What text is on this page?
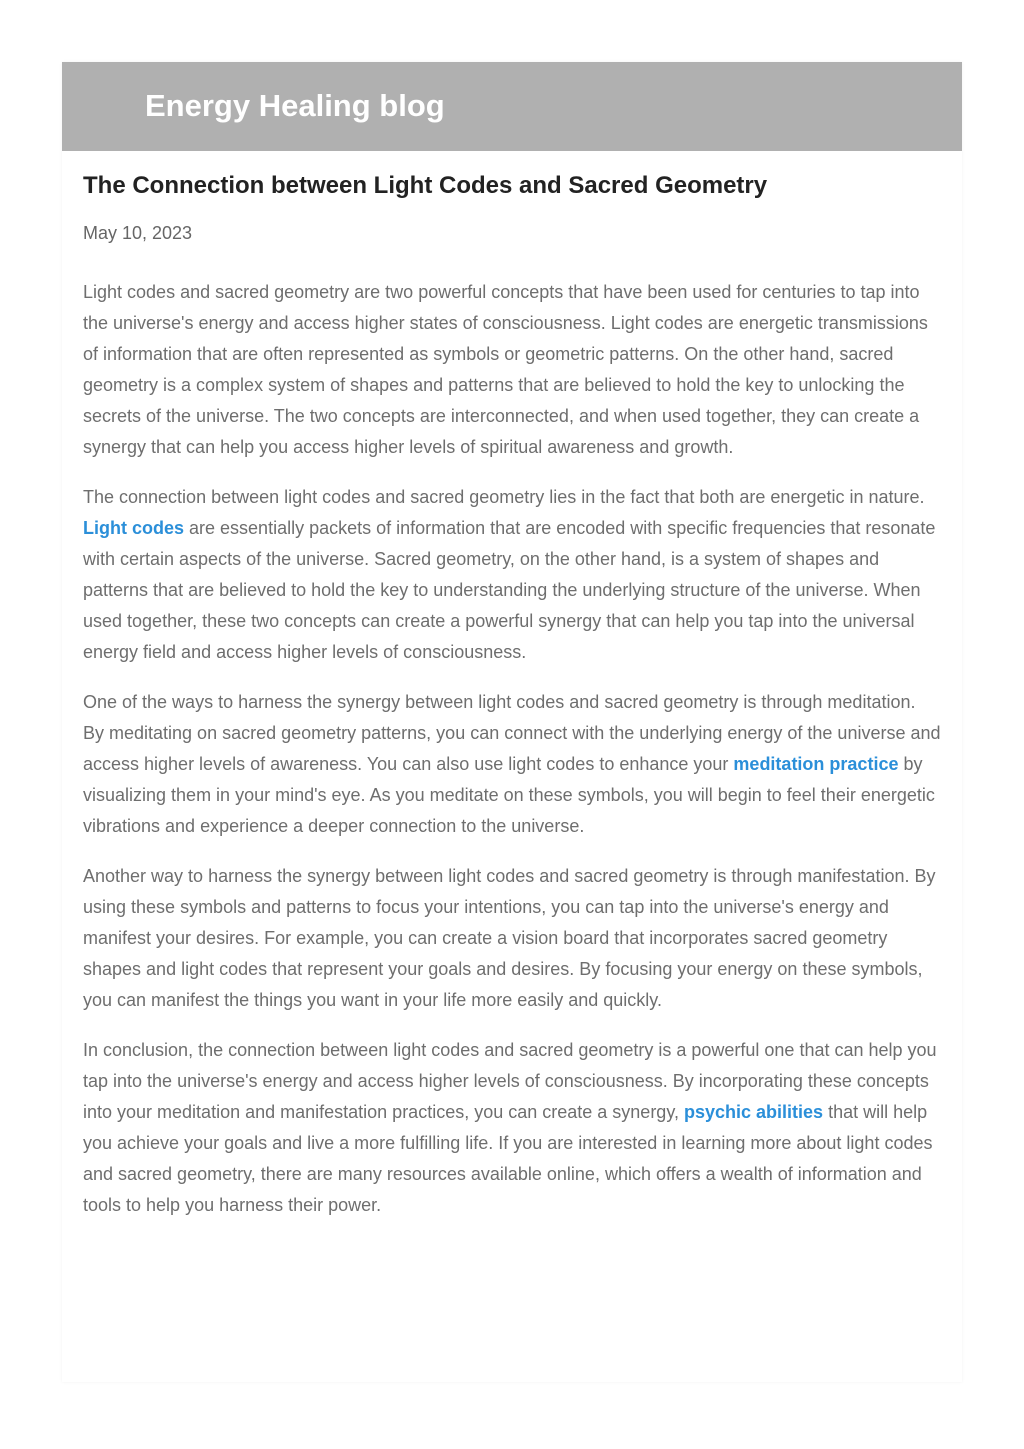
Energy Healing blog
The Connection between Light Codes and Sacred Geometry
May 10, 2023

Light codes and sacred geometry are two powerful concepts that have been used for centuries to tap into the universe's energy and access higher states of consciousness. Light codes are energetic transmissions of information that are often represented as symbols or geometric patterns. On the other hand, sacred geometry is a complex system of shapes and patterns that are believed to hold the key to unlocking the secrets of the universe. The two concepts are interconnected, and when used together, they can create a synergy that can help you access higher levels of spiritual awareness and growth.

The connection between light codes and sacred geometry lies in the fact that both are energetic in nature. Light codes are essentially packets of information that are encoded with specific frequencies that resonate with certain aspects of the universe. Sacred geometry, on the other hand, is a system of shapes and patterns that are believed to hold the key to understanding the underlying structure of the universe. When used together, these two concepts can create a powerful synergy that can help you tap into the universal energy field and access higher levels of consciousness.

One of the ways to harness the synergy between light codes and sacred geometry is through meditation. By meditating on sacred geometry patterns, you can connect with the underlying energy of the universe and access higher levels of awareness. You can also use light codes to enhance your meditation practice by visualizing them in your mind's eye. As you meditate on these symbols, you will begin to feel their energetic vibrations and experience a deeper connection to the universe.

Another way to harness the synergy between light codes and sacred geometry is through manifestation. By using these symbols and patterns to focus your intentions, you can tap into the universe's energy and manifest your desires. For example, you can create a vision board that incorporates sacred geometry shapes and light codes that represent your goals and desires. By focusing your energy on these symbols, you can manifest the things you want in your life more easily and quickly.

In conclusion, the connection between light codes and sacred geometry is a powerful one that can help you tap into the universe's energy and access higher levels of consciousness. By incorporating these concepts into your meditation and manifestation practices, you can create a synergy, psychic abilities that will help you achieve your goals and live a more fulfilling life. If you are interested in learning more about light codes and sacred geometry, there are many resources available online, which offers a wealth of information and tools to help you harness their power.
